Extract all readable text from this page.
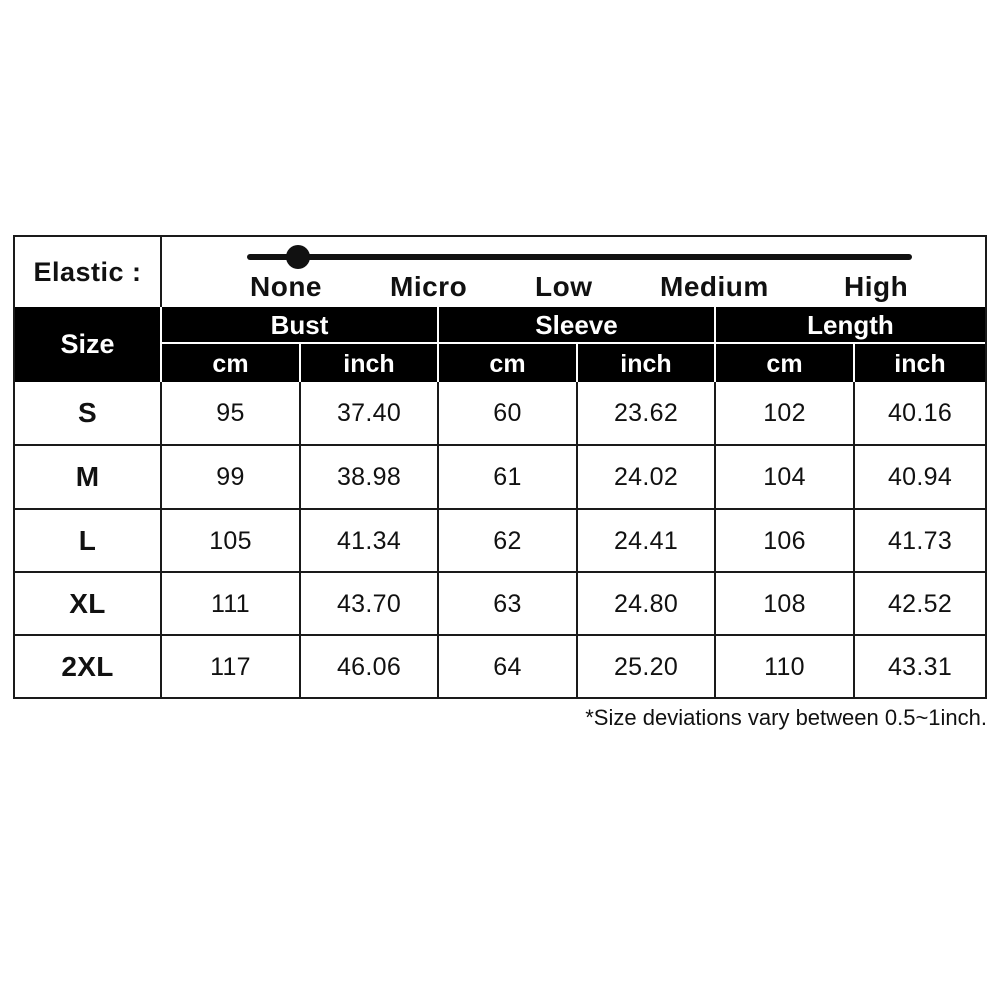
Elastic :	None Micro Low Medium	High
Size
Bust	Sleeve	Length
cm	inch	cm	inch	cm	inch
S	95	37.40	60	23.62	102	40.16
M	99	38.98	61	24.02	104	40.94
L	105	41.34	62	24.41	106	41.73
XL	111	43.70	63	24.80	108	42.52
2XL	117	46.06	64	25.20	110	43.31
*Size deviations vary between 0.5~1inch.
